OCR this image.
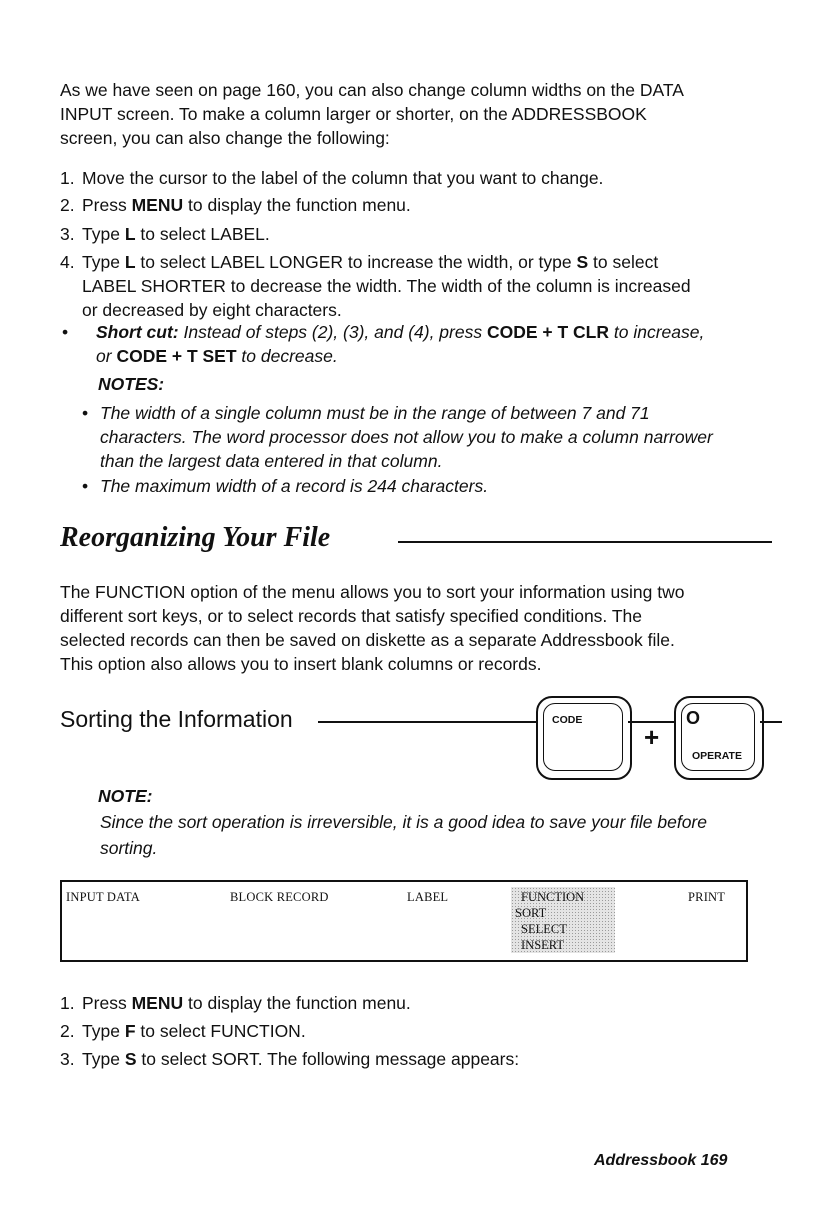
As we have seen on page 160, you can also change column widths on the DATA
INPUT screen. To make a column larger or shorter, on the ADDRESSBOOK
screen, you can also change the following:

1. Move the cursor to the label of the column that you want to change.
2. Press MENU to display the function menu.
3. Type L to select LABEL.
4. Type L to select LABEL LONGER to increase the width, or type S to select
LABEL SHORTER to decrease the width. The width of the column is increased
or decreased by eight characters.
• Short cut: Instead of steps (2), (3), and (4), press CODE + T CLR to increase,
or CODE + T SET to decrease.
NOTES:
• The width of a single column must be in the range of between 7 and 71
characters. The word processor does not allow you to make a column narrower
than the largest data entered in that column.
• The maximum width of a record is 244 characters.
Reorganizing Your File

The FUNCTION option of the menu allows you to sort your information using two
different sort keys, or to select records that satisfy specified conditions. The
selected records can then be saved on diskette as a separate Addressbook file.
This option also allows you to insert blank columns or records.

Sorting the Information	CODE
+
O
OPERATE
NOTE:
Since the sort operation is irreversible, it is a good idea to save your file before
sorting.
INPUT DATA	BLOCK RECORD	LABEL	FUNCTION
SORT
SELECT
INSERT
PRINT
1. Press MENU to display the function menu.
2. Type F to select FUNCTION.
3. Type S to select SORT. The following message appears:
Addressbook 169
